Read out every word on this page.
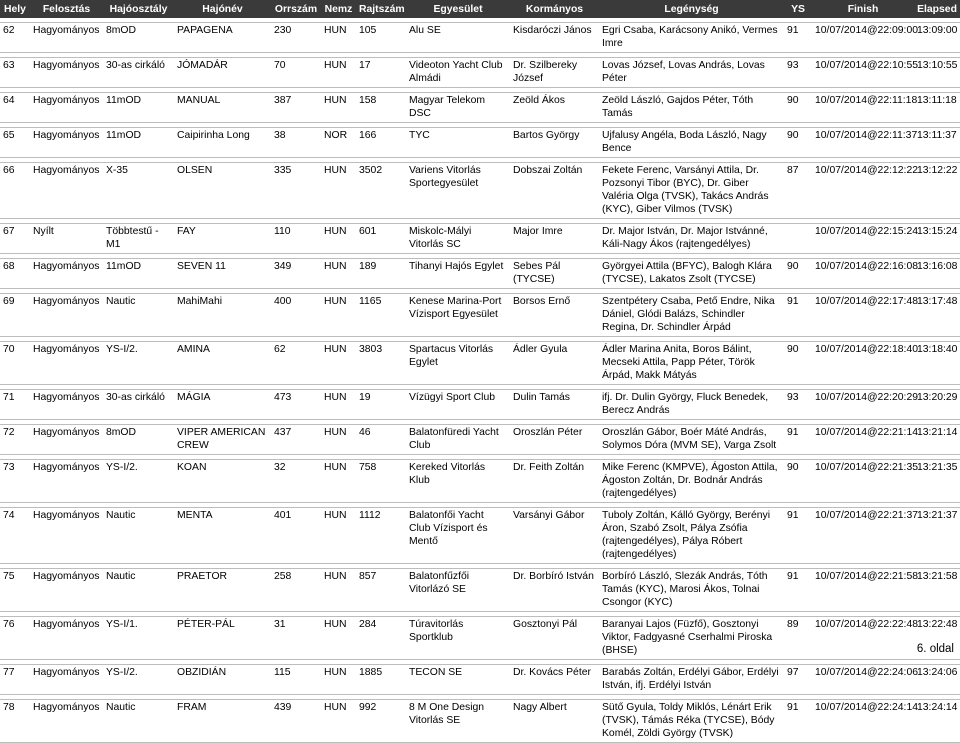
Hely	Felosztás	Hajóosztály	Hajónév	Orrszám	Nemz	Rajtszám	Egyesület	Kormányos	Legénység	YS	Finish	Elapsed

62	Hagyományos	8mOD	PAPAGENA	230	HUN	105	Alu SE	Kisdaróczi János	Egri Csaba, Karácsony Anikó, Vermes Imre	91	10/07/2014@22:09:00	13:09:00

63	Hagyományos	30-as cirkáló	JÓMADÁR	70	HUN	17	Videoton Yacht Club Almádi	Dr. Szilbereky József	Lovas József, Lovas András, Lovas Péter	93	10/07/2014@22:10:55	13:10:55

64	Hagyományos	11mOD	MANUAL	387	HUN	158	Magyar Telekom DSC	Zeöld Ákos	Zeöld László, Gajdos Péter, Tóth Tamás	90	10/07/2014@22:11:18	13:11:18

65	Hagyományos	11mOD	Caipirinha Long	38	NOR	166	TYC	Bartos György	Ujfalusy Angéla, Boda László, Nagy Bence	90	10/07/2014@22:11:37	13:11:37

66	Hagyományos	X-35	OLSEN	335	HUN	3502	Variens Vitorlás Sportegyesület	Dobszai Zoltán	Fekete Ferenc, Varsányi Attila, Dr. Pozsonyi Tibor (BYC), Dr. Giber Valéria Olga (TVSK), Takács András (KYC), Giber Vilmos (TVSK)	87	10/07/2014@22:12:22	13:12:22

67	Nyílt	Többtestű - M1	FAY	110	HUN	601	Miskolc-Mályi Vitorlás SC	Major Imre	Dr. Major István, Dr. Major Istvánné, Káli-Nagy Ákos (rajtengedélyes)		10/07/2014@22:15:24	13:15:24

68	Hagyományos	11mOD	SEVEN 11	349	HUN	189	Tihanyi Hajós Egylet	Sebes Pál (TYCSE)	Györgyei Attila (BFYC), Balogh Klára (TYCSE), Lakatos Zsolt (TYCSE)	90	10/07/2014@22:16:08	13:16:08

69	Hagyományos	Nautic	MahiMahi	400	HUN	1165	Kenese Marina-Port Vízisport Egyesület	Borsos Ernő	Szentpétery Csaba, Pető Endre, Nika Dániel, Glódi Balázs, Schindler Regina, Dr. Schindler Árpád	91	10/07/2014@22:17:48	13:17:48

70	Hagyományos	YS-I/2.	AMINA	62	HUN	3803	Spartacus Vitorlás Egylet	Ádler Gyula	Ádler Marina Anita, Boros Bálint, Mecseki Attila, Papp Péter, Török Árpád, Makk Mátyás	90	10/07/2014@22:18:40	13:18:40

71	Hagyományos	30-as cirkáló	MÁGIA	473	HUN	19	Vízügyi Sport Club	Dulin Tamás	ifj. Dr. Dulin György, Fluck Benedek, Berecz András	93	10/07/2014@22:20:29	13:20:29

72	Hagyományos	8mOD	VIPER AMERICAN CREW	437	HUN	46	Balatonfüredi Yacht Club	Oroszlán Péter	Oroszlán Gábor, Boér Máté András, Solymos Dóra (MVM SE), Varga Zsolt	91	10/07/2014@22:21:14	13:21:14

73	Hagyományos	YS-I/2.	KOAN	32	HUN	758	Kereked Vitorlás Klub	Dr. Feith Zoltán	Mike Ferenc (KMPVE), Ágoston Attila, Ágoston Zoltán, Dr. Bodnár András (rajtengedélyes)	90	10/07/2014@22:21:35	13:21:35

74	Hagyományos	Nautic	MENTA	401	HUN	1112	Balatonfői Yacht Club Vízisport és Mentő	Varsányi Gábor	Tuboly Zoltán, Kálló György, Berényi Áron, Szabó Zsolt, Pálya Zsófia (rajtengedélyes), Pálya Róbert (rajtengedélyes)	91	10/07/2014@22:21:37	13:21:37

75	Hagyományos	Nautic	PRAETOR	258	HUN	857	Balatonfűzfői Vitorlázó SE	Dr. Borbíró István	Borbíró László, Slezák András, Tóth Tamás (KYC), Marosi Ákos, Tolnai Csongor (KYC)	91	10/07/2014@22:21:58	13:21:58

76	Hagyományos	YS-I/1.	PÉTER-PÁL	31	HUN	284	Túravitorlás Sportklub	Gosztonyi Pál	Baranyai Lajos (Füzfő), Gosztonyi Viktor, Fadgyasné Cserhalmi Piroska (BHSE)	89	10/07/2014@22:22:48	13:22:48

77	Hagyományos	YS-I/2.	OBZIDIÁN	115	HUN	1885	TECON SE	Dr. Kovács Péter	Barabás Zoltán, Erdélyi Gábor, Erdélyi István, ifj. Erdélyi István	97	10/07/2014@22:24:06	13:24:06

78	Hagyományos	Nautic	FRAM	439	HUN	992	8 M One Design Vitorlás SE	Nagy Albert	Sütő Gyula, Toldy Miklós, Lénárt Erik (TVSK), Támás Réka (TYCSE), Bódy Komél, Zöldi György (TVSK)	91	10/07/2014@22:24:14	13:24:14
6. oldal
